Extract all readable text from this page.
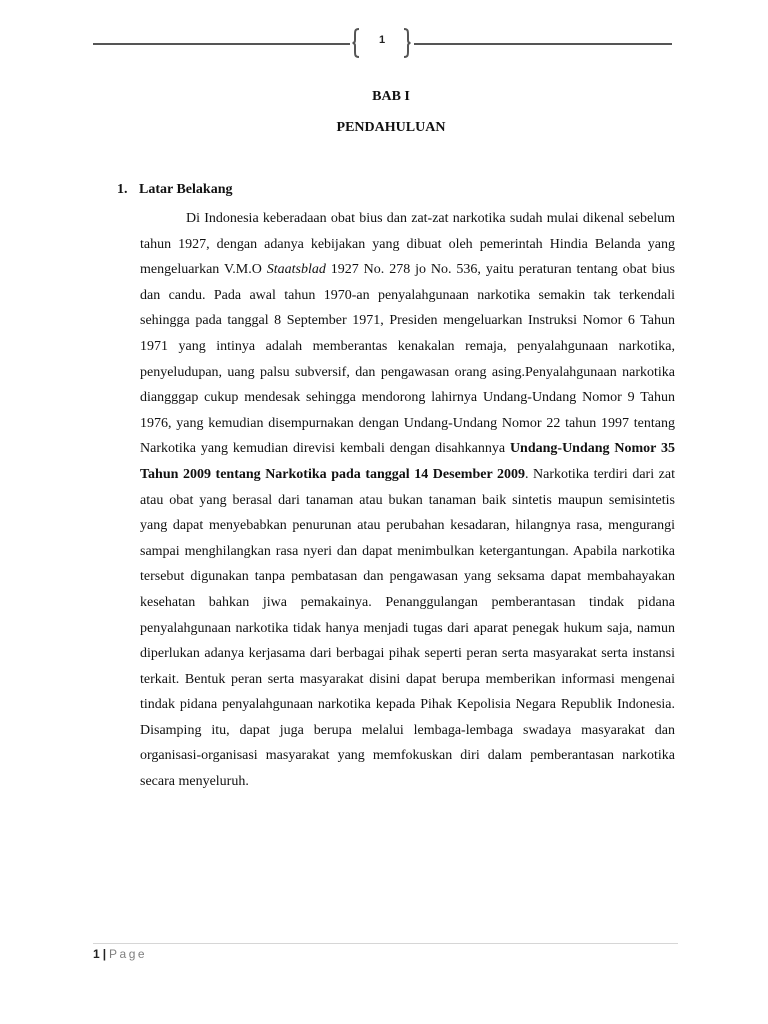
1
BAB I
PENDAHULUAN
1. Latar Belakang

Di Indonesia keberadaan obat bius dan zat-zat narkotika sudah mulai dikenal sebelum tahun 1927, dengan adanya kebijakan yang dibuat oleh pemerintah Hindia Belanda yang mengeluarkan V.M.O Staatsblad 1927 No. 278 jo No. 536, yaitu peraturan tentang obat bius dan candu. Pada awal tahun 1970-an penyalahgunaan narkotika semakin tak terkendali sehingga pada tanggal 8 September 1971, Presiden mengeluarkan Instruksi Nomor 6 Tahun 1971 yang intinya adalah memberantas kenakalan remaja, penyalahgunaan narkotika, penyeludupan, uang palsu subversif, dan pengawasan orang asing.Penyalahgunaan narkotika diangggap cukup mendesak sehingga mendorong lahirnya Undang-Undang Nomor 9 Tahun 1976, yang kemudian disempurnakan dengan Undang-Undang Nomor 22 tahun 1997 tentang Narkotika yang kemudian direvisi kembali dengan disahkannya Undang-Undang Nomor 35 Tahun 2009 tentang Narkotika pada tanggal 14 Desember 2009. Narkotika terdiri dari zat atau obat yang berasal dari tanaman atau bukan tanaman baik sintetis maupun semisintetis yang dapat menyebabkan penurunan atau perubahan kesadaran, hilangnya rasa, mengurangi sampai menghilangkan rasa nyeri dan dapat menimbulkan ketergantungan. Apabila narkotika tersebut digunakan tanpa pembatasan dan pengawasan yang seksama dapat membahayakan kesehatan bahkan jiwa pemakainya. Penanggulangan pemberantasan tindak pidana penyalahgunaan narkotika tidak hanya menjadi tugas dari aparat penegak hukum saja, namun diperlukan adanya kerjasama dari berbagai pihak seperti peran serta masyarakat serta instansi terkait. Bentuk peran serta masyarakat disini dapat berupa memberikan informasi mengenai tindak pidana penyalahgunaan narkotika kepada Pihak Kepolisia Negara Republik Indonesia. Disamping itu, dapat juga berupa melalui lembaga-lembaga swadaya masyarakat dan organisasi-organisasi masyarakat yang memfokuskan diri dalam pemberantasan narkotika secara menyeluruh.

1 | Page
